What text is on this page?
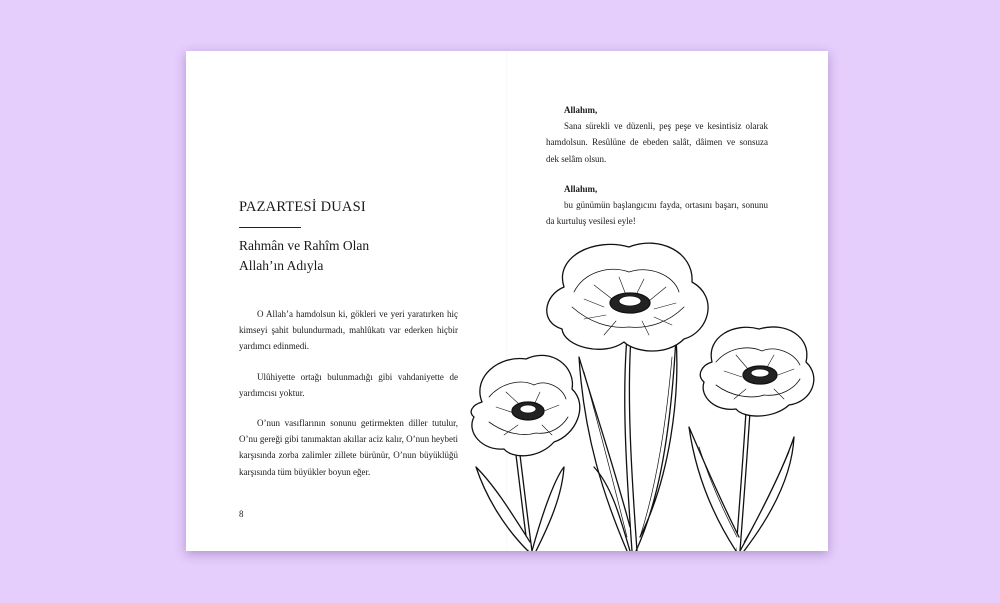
PAZARTESİ DUASI
Rahmân ve Rahîm Olan
Allah’ın Adıyla

O Allah’a hamdolsun ki, gökleri ve yeri yaratırken hiç kimseyi şahit bulundurmadı, mahlûkatı var ederken hiçbir yardımcı edinmedi.

Ulûhiyette ortağı bulunmadığı gibi vahdaniyette de yardımcısı yoktur.

O’nun vasıflarının sonunu getirmekten diller tutulur, O’nu gereği gibi tanımaktan akıllar aciz kalır, O’nun heybeti karşısında zorba zalimler zillete bürünür, O’nun büyüklüğü karşısında tüm büyükler boyun eğer.

8
Allahım,

Sana sürekli ve düzenli, peş peşe ve kesintisiz olarak hamdolsun. Resûlüne de ebeden salât, dâimen ve sonsuza dek selâm olsun.

Allahım,

bu günümün başlangıcını fayda, ortasını başarı, sonunu da kurtuluş vesilesi eyle!
